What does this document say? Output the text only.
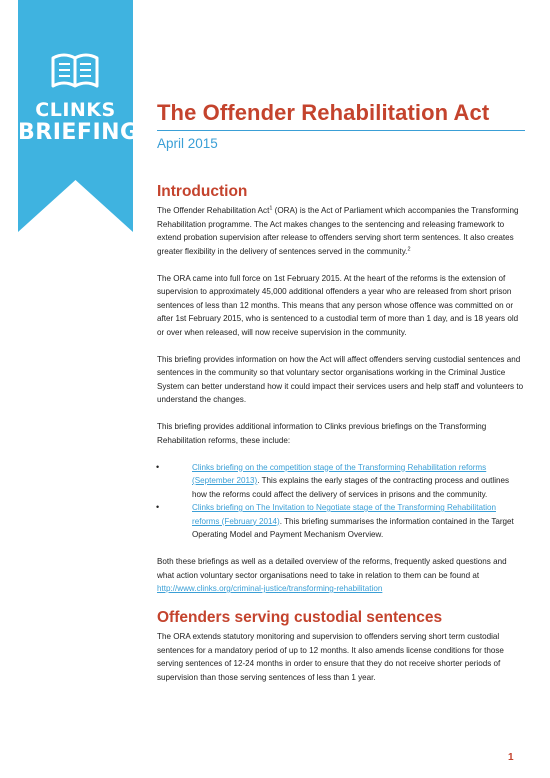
CLINKS
BRIEFING
The Offender Rehabilitation Act
April 2015
Introduction

The Offender Rehabilitation Act$^1$ (ORA) is the Act of Parliament which accompanies the Transforming Rehabilitation programme. The Act makes changes to the sentencing and releasing framework to extend probation supervision after release to offenders serving short term sentences. It also creates greater flexibility in the delivery of sentences served in the community.$^2$

The ORA came into full force on 1st February 2015. At the heart of the reforms is the extension of supervision to approximately 45,000 additional offenders a year who are released from short prison sentences of less than 12 months. This means that any person whose offence was committed on or after 1st February 2015, who is sentenced to a custodial term of more than 1 day, and is 18 years old or over when released, will now receive supervision in the community.

This briefing provides information on how the Act will affect offenders serving custodial sentences and sentences in the community so that voluntary sector organisations working in the Criminal Justice System can better understand how it could impact their services users and help staff and volunteers to understand the changes.

This briefing provides additional information to Clinks previous briefings on the Transforming Rehabilitation reforms, these include:

• Clinks briefing on the competition stage of the Transforming Rehabilitation reforms (September 2013). This explains the early stages of the contracting process and outlines how the reforms could affect the delivery of services in prisons and the community.
• Clinks briefing on The Invitation to Negotiate stage of the Transforming Rehabilitation reforms (February 2014). This briefing summarises the information contained in the Target Operating Model and Payment Mechanism Overview.

Both these briefings as well as a detailed overview of the reforms, frequently asked questions and what action voluntary sector organisations need to take in relation to them can be found at http://www.clinks.org/criminal-justice/transforming-rehabilitation

Offenders serving custodial sentences

The ORA extends statutory monitoring and supervision to offenders serving short term custodial sentences for a mandatory period of up to 12 months. It also amends license conditions for those serving sentences of 12-24 months in order to ensure that they do not receive shorter periods of supervision than those serving sentences of less than 1 year.

1
